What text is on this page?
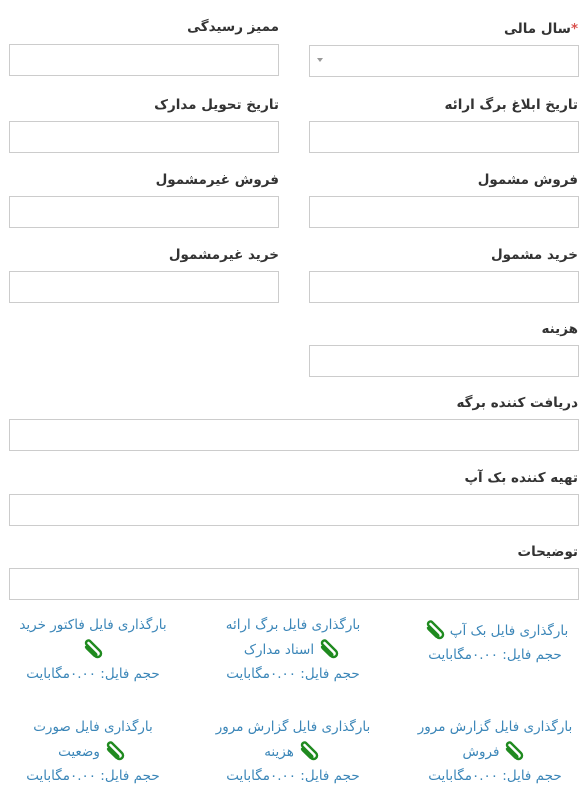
*سال مالی
ممیز رسیدگی
تاریخ ابلاغ برگ ارائه
تاریخ تحویل مدارک
فروش مشمول
فروش غیرمشمول
خرید مشمول
خرید غیرمشمول
هزینه
دریافت کننده برگه
تهیه کننده بک آپ
توضیحات
بارگذاری فایل بک آپ
حجم فایل: ۰.۰۰مگابایت
بارگذاری فایل برگ ارائه
اسناد مدارک
حجم فایل: ۰.۰۰مگابایت
بارگذاری فایل فاکتور خرید
حجم فایل: ۰.۰۰مگابایت
بارگذاری فایل گزارش مرور
فروش
حجم فایل: ۰.۰۰مگابایت
بارگذاری فایل گزارش مرور
هزینه
حجم فایل: ۰.۰۰مگابایت
بارگذاری فایل صورت
وضعیت
حجم فایل: ۰.۰۰مگابایت
